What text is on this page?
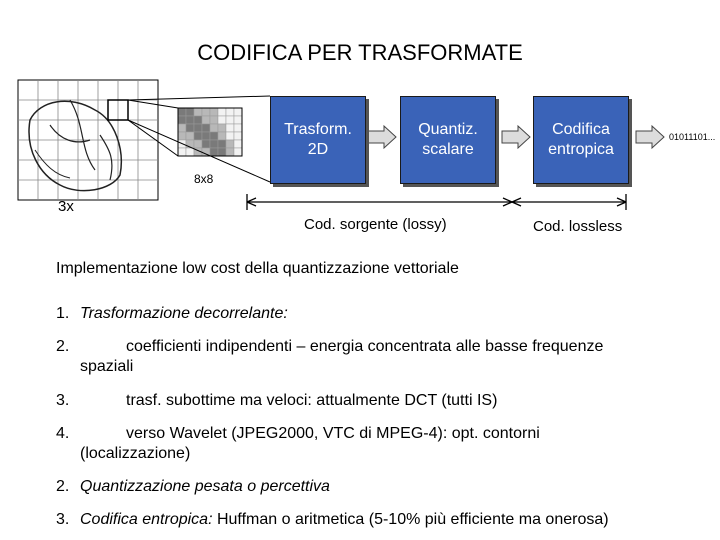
CODIFICA PER TRASFORMATE
Trasform.
2D
Quantiz.
scalare
Codifica
entropica
01011101...
8x8
3x
Cod. sorgente (lossy)	Cod. lossless
Implementazione low cost della quantizzazione vettoriale
1. Trasformazione decorrelante:
2.	coefficienti indipendenti – energia concentrata alle basse frequenze
spaziali
3.	trasf. subottime ma veloci: attualmente DCT (tutti IS)
4.	verso Wavelet (JPEG2000, VTC di MPEG-4): opt. contorni
(localizzazione)
2. Quantizzazione pesata o percettiva
3. Codifica entropica: Huffman o aritmetica (5-10% più efficiente ma onerosa)
